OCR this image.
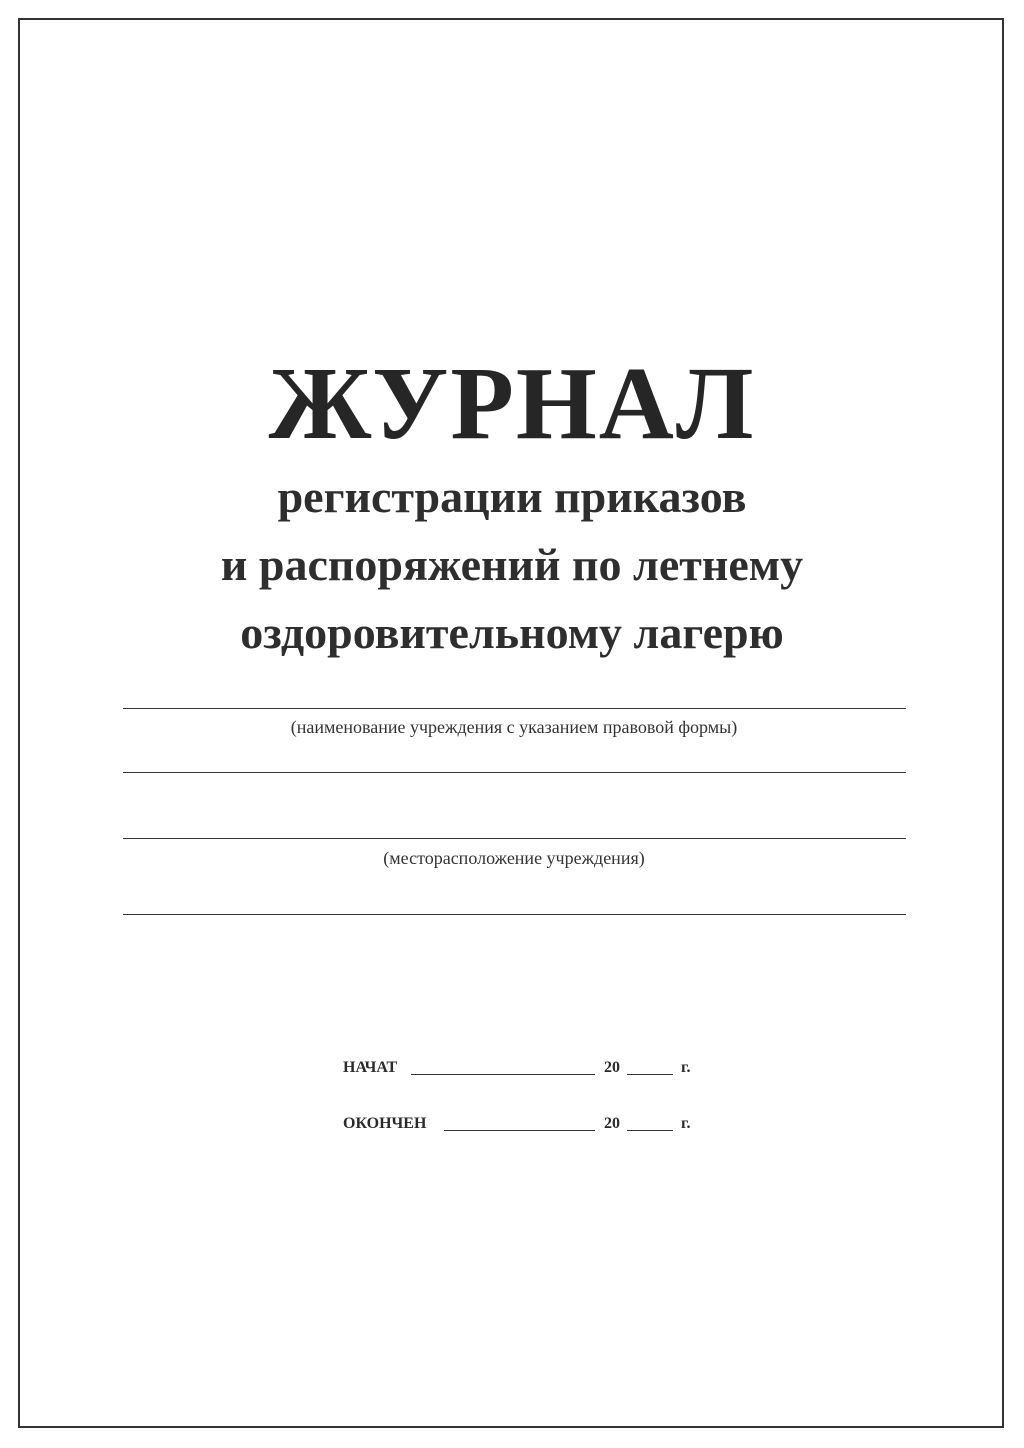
ЖУРНАЛ
регистрации приказов
и распоряжений по летнему
оздоровительному лагерю
(наименование учреждения с указанием правовой формы)
(месторасположение учреждения)
НАЧАТ	20	г.
ОКОНЧЕН	20	г.
